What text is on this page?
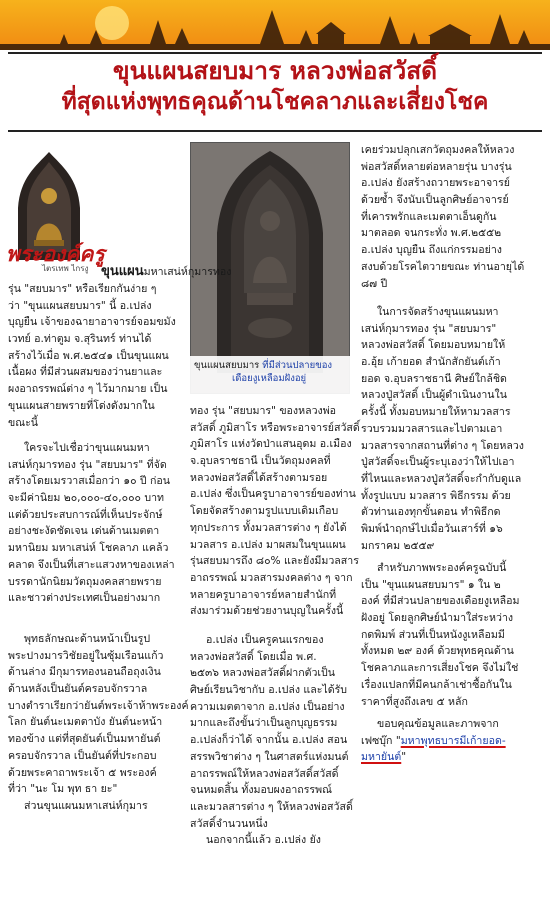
ขุนแผนสยบมาร หลวงพ่อสวัสดิ์
ที่สุดแห่งพุทธคุณด้านโชคลาภและเสี่ยงโชค
พระองค์ครู
ไตรเทพ ไกรงู
ขุนแผนสยบมาร ที่มีส่วนปลายของ
เดือยงูเหลือมฝังอยู่
ขุนแผนมหาเสน่ห์กุมารทอง
รุ่น "สยบมาร" หรือเรียกกันง่าย ๆ
ว่า "ขุนแผนสยบมาร" นี้ อ.เปล่ง
บุญยืน เจ้าของฉายาอาจารย์จอมขมัง
เวทย์ อ.ท่าตูม จ.สุรินทร์ ท่านได้
สร้างไว้เมื่อ พ.ศ.๒๕๔๑ เป็นขุนแผน
เนื้อผง ที่มีส่วนผสมของว่านยาและ
ผงอาถรรพณ์ต่าง ๆ ไว้มากมาย เป็น
ขุนแผนสายพรายที่โด่งดังมากใน
ขณะนี้
ใครจะไปเชื่อว่าขุนแผนมหา
เสน่ห์กุมารทอง รุ่น "สยบมาร" ที่จัด
สร้างโดยเมรวาสเมื่อกว่า ๑๐ ปี ก่อน
จะมีค่านิยม ๒๐,๐๐๐-๔๐,๐๐๐ บาท
แต่ด้วยประสบการณ์ที่เห็นประจักษ์
อย่างชะงัดชัดเจน เด่นด้านเมตตา
มหานิยม มหาเสน่ห์ โชคลาภ แคล้ว
คลาด จึงเป็นที่เสาะแสวงหาของเหล่า
บรรดานักนิยมวัตถุมงคลสายพราย
และชาวต่างประเทศเป็นอย่างมาก
พุทธลักษณะด้านหน้าเป็นรูป
พระปางมารวิชัยอยู่ในซุ้มเรือนแก้ว
ด้านล่าง มีกุมารทองนอนถือถุงเงิน
ด้านหลังเป็นยันต์ครอบจักรวาล
บางตำราเรียกว่ายันต์พระเจ้าห้าพระองค์
โลก ยันต์นะเมตตาบัง ยันต์นะหน้า
ทองข้าง แต่ที่สุดยันต์เป็นมหายันต์
ครอบจักรวาล เป็นยันต์ที่ประกอบ
ด้วยพระคาถาพระเจ้า ๕ พระองค์
ที่ว่า "นะ โม พุท ธา ยะ"
ส่วนขุนแผนมหาเสน่ห์กุมาร
ทอง รุ่น "สยบมาร" ของหลวงพ่อ
สวัสดิ์ ภูมิสาโร หรือพระอาจารย์สวัสดิ์
ภูมิสาโร แห่งวัดป่าแสนอุดม อ.เมือง
จ.อุบลราชธานี เป็นวัตถุมงคลที่
หลวงพ่อสวัสดิ์ได้สร้างตามรอย
อ.เปล่ง ซึ่งเป็นครูบาอาจารย์ของท่าน
โดยจัดสร้างตามรูปแบบเดิมเกือบ
ทุกประการ ทั้งมวลสารต่าง ๆ ยังได้
มวลสาร อ.เปล่ง มาผสมในขุนแผน
รุ่นสยบมารถึง ๘๐% และยังมีมวลสาร
อาถรรพณ์ มวลสารมงคลต่าง ๆ จาก
หลายครูบาอาจารย์หลายสำนักที่
ส่งมาร่วมด้วยช่วยงานบุญในครั้งนี้
อ.เปล่ง เป็นครูคนแรกของ
หลวงพ่อสวัสดิ์ โดยเมื่อ พ.ศ.
๒๕๓๖ หลวงพ่อสวัสดิ์ฝากตัวเป็น
ศิษย์เรียนวิชากับ อ.เปล่ง และได้รับ
ความเมตตาจาก อ.เปล่ง เป็นอย่าง
มากและถึงขั้นว่าเป็นลูกบุญธรรม
อ.เปล่งก็ว่าได้ จากนั้น อ.เปล่ง สอน
สรรพวิชาต่าง ๆ ในศาสตร์แห่งมนต์
อาถรรพณ์ให้หลวงพ่อสวัสดิ์สวัสดิ์
จนหมดสิ้น ทั้งมอบผงอาถรรพณ์
และมวลสารต่าง ๆ ให้หลวงพ่อสวัสดิ์
สวัสดิ์จำนวนหนึ่ง
นอกจากนี้แล้ว อ.เปล่ง ยัง
เคยร่วมปลุกเสกวัตถุมงคลให้หลวง
พ่อสวัสดิ์หลายต่อหลายรุ่น บางรุ่น
อ.เปล่ง ยังสร้างถวายพระอาจารย์
ด้วยซ้ำ จึงนับเป็นลูกศิษย์อาจารย์
ที่เคารพรักและเมตตาเอ็นดูกัน
มาตลอด จนกระทั่ง พ.ศ.๒๕๕๒
อ.เปล่ง บุญยืน ถึงแก่กรรมอย่าง
สงบด้วยโรคไตวายขณะ ท่านอายุได้
๘๗ ปี
ในการจัดสร้างขุนแผนมหา
เสน่ห์กุมารทอง รุ่น "สยบมาร"
หลวงพ่อสวัสดิ์ โดยมอบหมายให้
อ.อุ้ย เก้ายอด สำนักสักยันต์เก้า
ยอด จ.อุบลราชธานี ศิษย์ใกล้ชิด
หลวงปู่สวัสดิ์ เป็นผู้ดำเนินงานใน
ครั้งนี้ ทั้งมอบหมายให้หามวลสาร
รวบรวมมวลสารและไปตามเอา
มวลสารจากสถานที่ต่าง ๆ โดยหลวง
ปู่สวัสดิ์จะเป็นผู้ระบุเองว่าให้ไปเอา
ที่ไหนและหลวงปู่สวัสดิ์จะกำกับดูแล
ทั้งรูปแบบ มวลสาร พิธีกรรม ด้วย
ตัวท่านเองทุกขั้นตอน ทำพิธีกด
พิมพ์นำฤกษ์ไปเมื่อวันเสาร์ที่ ๑๖
มกราคม ๒๕๕๙
สำหรับภาพพระองค์ครูฉบับนี้
เป็น "ขุนแผนสยบมาร" ๑ ใน ๒
องค์ ที่มีส่วนปลายของเดือยงูเหลือม
ฝังอยู่ โดยลูกศิษย์นำมาใส่ระหว่าง
กดพิมพ์ ส่วนที่เป็นหนังงูเหลือมมี
ทั้งหมด ๒๙ องค์ ด้วยพุทธคุณด้าน
โชคลาภและการเสี่ยงโชค จึงไม่ใช่
เรื่องแปลกที่มีคนกล้าเช่าซื้อกันใน
ราคาที่สูงถึงเลข ๕ หลัก
ขอบคุณข้อมูลและภาพจาก
เฟซบุ๊ก "มหาพุทธบารมีเก้ายอด-
มหายันต์"
